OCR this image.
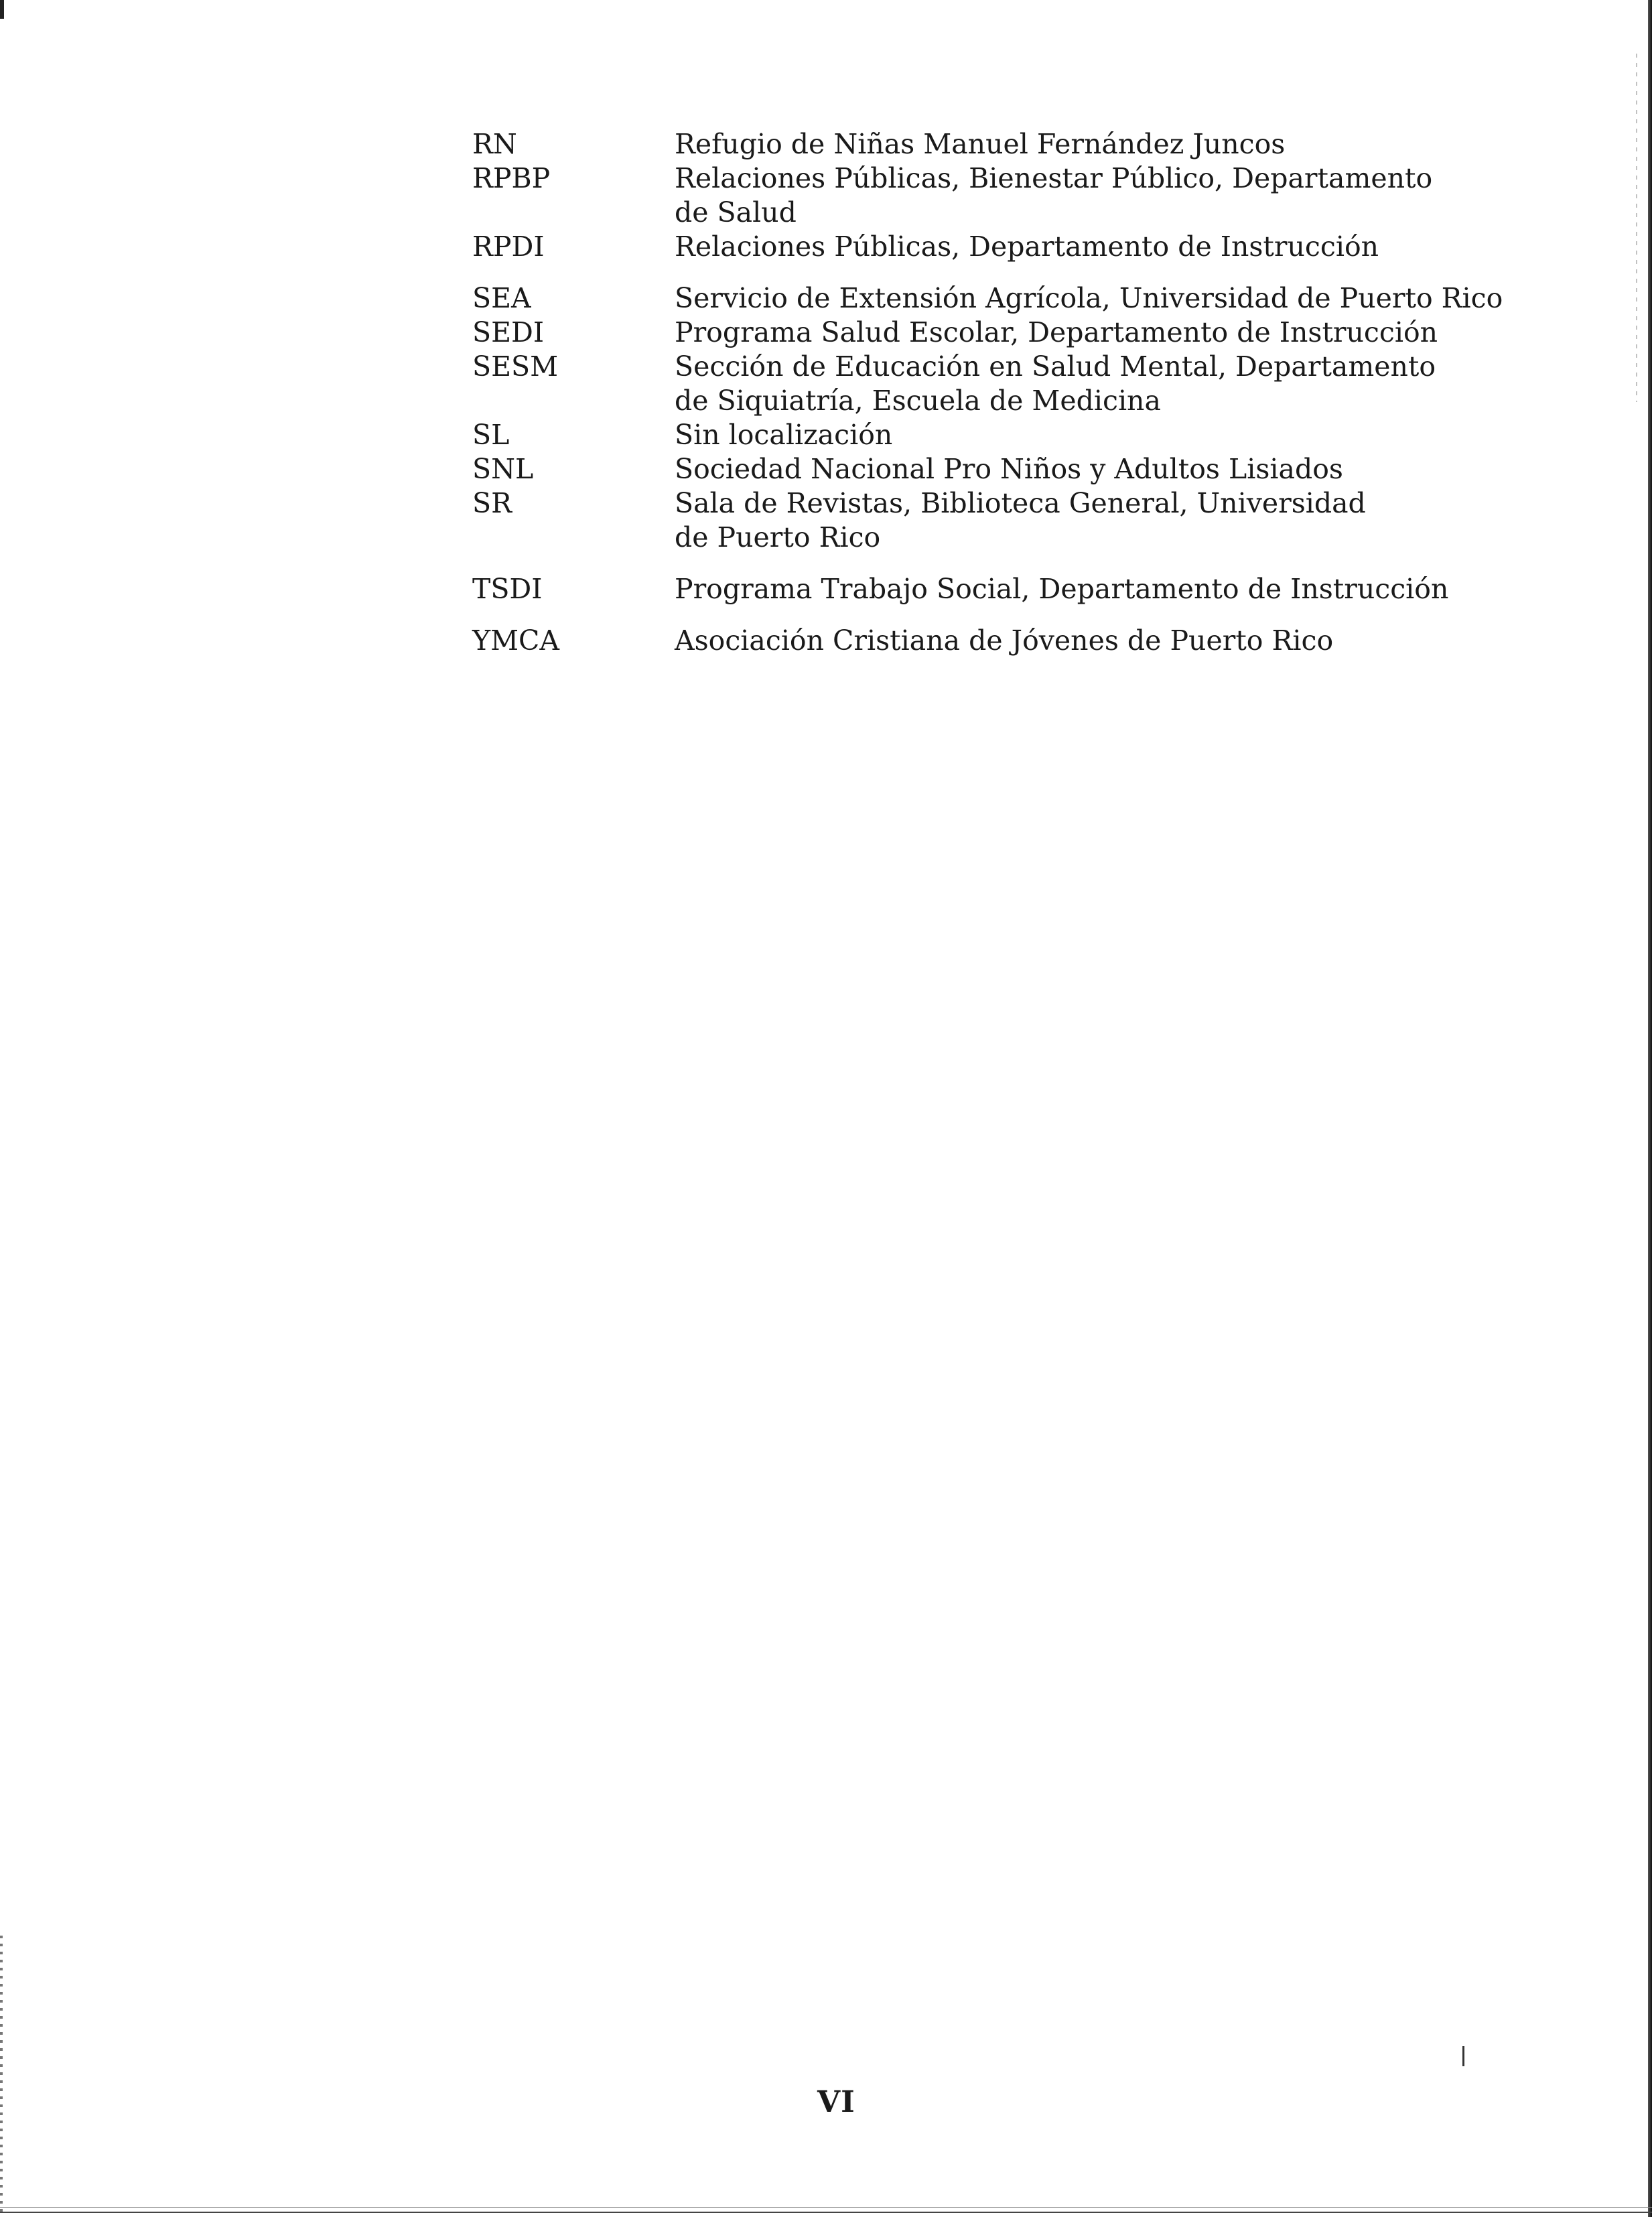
RN	Refugio de Niñas Manuel Fernández Juncos
RPBP	Relaciones Públicas, Bienestar Público, Departamento
de Salud
RPDI	Relaciones Públicas, Departamento de Instrucción
SEA	Servicio de Extensión Agrícola, Universidad de Puerto Rico
SEDI	Programa Salud Escolar, Departamento de Instrucción
SESM	Sección de Educación en Salud Mental, Departamento
de Siquiatría, Escuela de Medicina
SL	Sin localización
SNL	Sociedad Nacional Pro Niños y Adultos Lisiados
SR	Sala de Revistas, Biblioteca General, Universidad
de Puerto Rico
TSDI	Programa Trabajo Social, Departamento de Instrucción
YMCA	Asociación Cristiana de Jóvenes de Puerto Rico
VI
